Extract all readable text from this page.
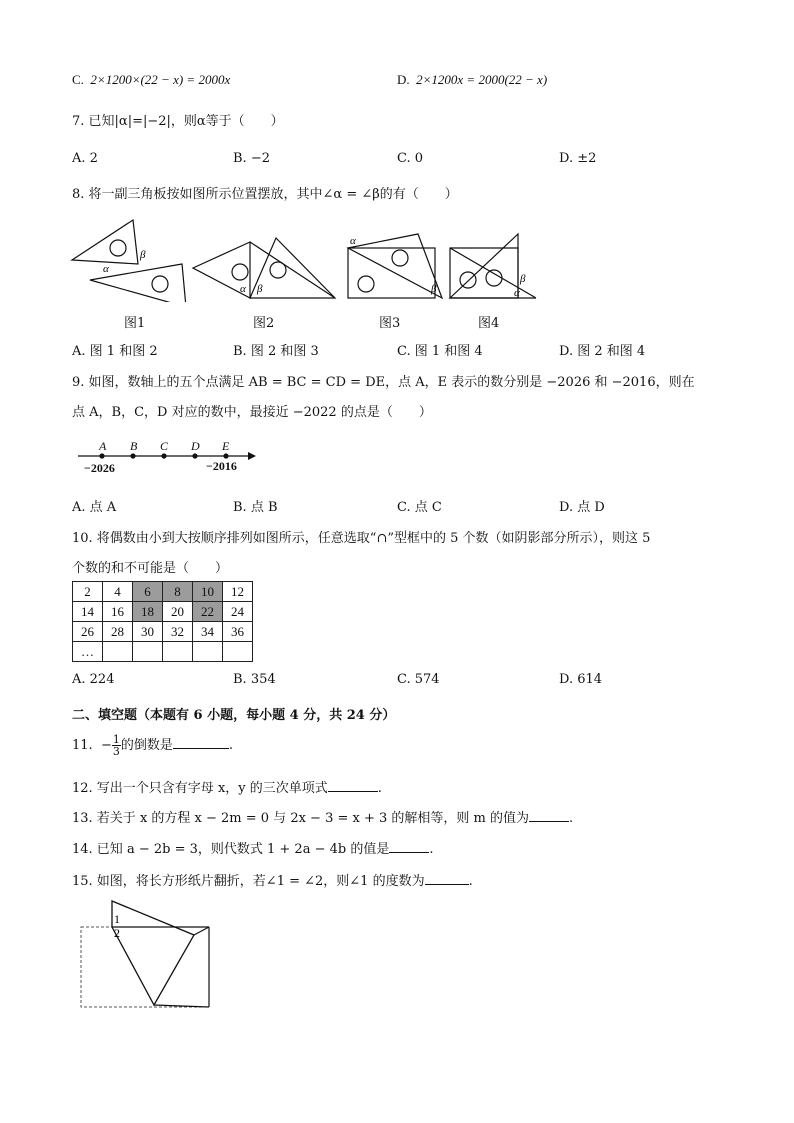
C. 2×1200×(22 − x) = 2000x	D. 2×1200x = 2000(22 − x)
7. 已知|α|=|−2|，则α等于（　　）
A. 2	B. −2	C. 0	D. ±2
8. 将一副三角板按如图所示位置摆放，其中∠α = ∠β的有（　　）
α
β
α β
α
β
β
α
图1	图2	图3	图4
A. 图 1 和图 2	B. 图 2 和图 3	C. 图 1 和图 4	D. 图 2 和图 4
9. 如图，数轴上的五个点满足 AB = BC = CD = DE，点 A，E 表示的数分别是 −2026 和 −2016，则在
点 A，B，C，D 对应的数中，最接近 −2022 的点是（　　）
A B C D E
−2026	−2016
A. 点 A	B. 点 B	C. 点 C	D. 点 D
10. 将偶数由小到大按顺序排列如图所示，任意选取“∩”型框中的 5 个数（如阴影部分所示），则这 5
个数的和不可能是（　　）
2	4	6	8	10	12
14	16	18	20	22	24
26	28	30	32	34	36
…					
A. 224	B. 354	C. 574	D. 614
二、填空题（本题有 6 小题，每小题 4 分，共 24 分）
11. − $\frac{1}{3}$ 的倒数是	.
12. 写出一个只含有字母 x，y 的三次单项式	.
13. 若关于 x 的方程 x − 2m = 0 与 2x − 3 = x + 3 的解相等，则 m 的值为	.
14. 已知 a − 2b = 3，则代数式 1 + 2a − 4b 的值是	.
15. 如图，将长方形纸片翻折，若∠1 = ∠2，则∠1 的度数为	.
1
2
